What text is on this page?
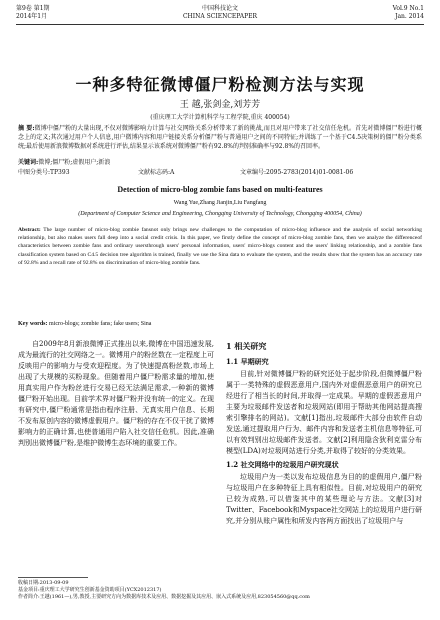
第9卷 第1期
2014年1月
中国科技论文
CHINA SCIENCEPAPER
Vol.9 No.1
Jan. 2014
一种多特征微博僵尸粉检测方法与实现
王 越,张剑金,刘芳芳
(重庆理工大学计算机科学与工程学院,重庆 400054)
摘 要:微博中僵尸粉的大量出现,不仅对微博影响力计算与社交网络关系分析带来了新的挑战,而且对用户带来了社交信任危机。首先对微博僵尸粉进行概念上的定义;其次通过用户个人信息,用户微博内容和用户链接关系分析僵尸粉与普通用户之间的不同特征;并训练了一个基于C4.5决策树的僵尸粉分类系统;最后使用新浪微博数据对系统进行评估,结果显示该系统对微博僵尸粉有92.8%的判别准确率与92.8%的召回率。
关键词:微博;僵尸粉;虚假用户;新浪
中图分类号:TP393	文献标志码:A	文章编号:2095-2783(2014)01-0081-06
Detection of micro-blog zombie fans based on multi-features
Wang Yue,Zhang Jianjin,Liu Fangfang
(Department of Computer Science and Engineering, Chongqing University of Technology, Chongqing 400054, China)
Abstract: The large number of micro-blog zombie fansnot only brings new challenges to the computation of micro-blog influence and the analysis of social networking relationship, but also makes users fall deep into a social credit crisis. In this paper, we firstly define the concept of micro-blog zombie fans, then we analyze the differenceof characteristics between zombie fans and ordinary usersthrough users' personal information, users' micro-blogs content and the users' linking relationship, and a zombie fans classification system based on C4.5 decision tree algorithm is trained, finally we use the Sina data to evaluate the system, and the results show that the system has an accuracy rate of 92.8% and a recall rate of 92.8% on discrimination of micro-blog zombie fans.
Key words: micro-blogs; zombie fans; fake users; Sina

自2009年8月新浪微博正式推出以来,微博在中国迅速发展,成为最流行的社交网络之一。微博用户的粉丝数在一定程度上可反映用户的影响力与受欢迎程度。为了快速提高粉丝数,市场上出现了大规模的买粉现象。但随着用户僵尸粉需求量的增加,使用真实用户作为粉丝进行交易已经无法满足需求,一种新的微博僵尸粉开始出现。目前学术界对僵尸粉并没有统一的定义。在现有研究中,僵尸粉通常是指由程序注册、无真实用户信息、长期不发布原创内容的微博虚假用户。僵尸粉的存在不仅干扰了微博影响力的正确计算,也使普通用户陷入社交信任危机。因此,准确判别出微博僵尸粉,是维护微博生态环境的重要工作。

1 相关研究
1.1 早期研究

目前,针对微博僵尸粉的研究还处于起步阶段,但微博僵尸粉属于一类特殊的虚假恶意用户,国内外对虚假恶意用户的研究已经进行了相当长的时间,并取得一定成果。早期的虚假恶意用户主要为垃圾邮件发送者和垃圾网站(即用于帮助其他网站提高搜索引擎排名的网站)。文献[1]指出,垃圾邮件大部分由软件自动发送,通过提取用户行为、邮件内容和发送者主机信息等特征,可以有效判别出垃圾邮件发送者。文献[2]利用隐含狄利克雷分布模型(LDA)对垃圾网站进行分类,并取得了较好的分类效果。

1.2 社交网络中的垃圾用户研究现状

垃圾用户为一类以发布垃圾信息为目的的虚假用户,僵尸粉与垃圾用户在多种特征上具有相似性。目前,对垃圾用户的研究已较为成熟,可以借鉴其中的某些理论与方法。文献[3]对Twitter、Facebook和Myspace社交网站上的垃圾用户进行研究,并分别从账户属性和所发内容两方面找出了垃圾用户与

收稿日期:2013-09-09
基金项目:重庆理工大学研究生创新基金资助项目(YCX2012317)
作者简介:王越(1961—),男,教授,主要研究方向为数据库技术及应用、数据挖掘及其应用、嵌入式系统及应用,823054560@qq.com
